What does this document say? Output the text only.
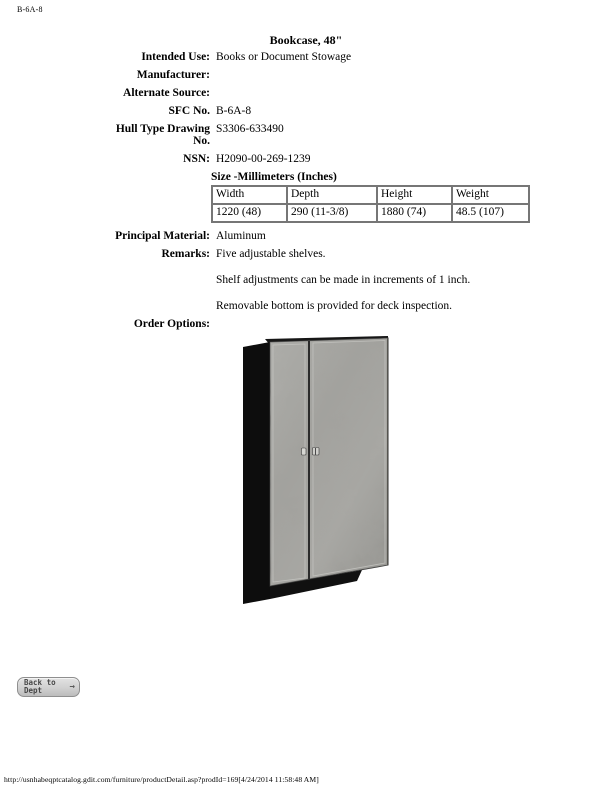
B-6A-8
Bookcase, 48"
Intended Use: Books or Document Stowage
Manufacturer:
Alternate Source:
SFC No. B-6A-8
Hull Type Drawing
No.
S3306-633490
NSN: H2090-00-269-1239
Size -Millimeters (Inches)
Width	Depth	Height	Weight
1220 (48)	290 (11-3/8)	1880 (74)	48.5 (107)
Principal Material: Aluminum
Remarks: Five adjustable shelves.
Shelf adjustments can be made in increments of 1 inch.
Removable bottom is provided for deck inspection.
Order Options:
Back to
Dept	→
http://usnhabeqptcatalog.gdit.com/furniture/productDetail.asp?prodId=169[4/24/2014 11:58:48 AM]
